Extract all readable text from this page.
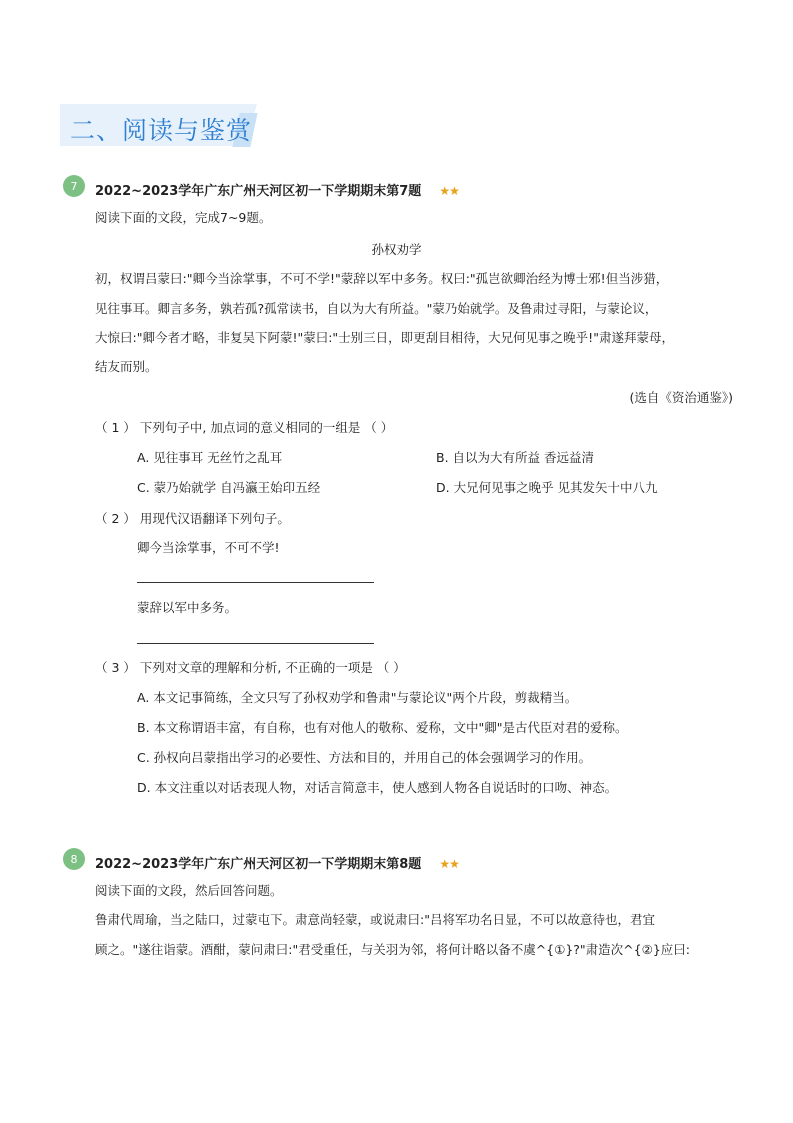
二、阅读与鉴赏
7	2022~2023学年广东广州天河区初一下学期期末第7题 ★★
阅读下面的文段，完成7~9题。
孙权劝学
初，权谓吕蒙曰:"卿今当涂掌事，不可不学!"蒙辞以军中多务。权曰:"孤岂欲卿治经为博士邪!但当涉猎，
见往事耳。卿言多务，孰若孤?孤常读书，自以为大有所益。"蒙乃始就学。及鲁肃过寻阳，与蒙论议，
大惊曰:"卿今者才略，非复吴下阿蒙!"蒙曰:"士别三日，即更刮目相待，大兄何见事之晚乎!"肃遂拜蒙母，
结友而别。
(选自《资治通鉴》)
（ 1 ） 下列句子中, 加点词的意义相同的一组是 （ ）
A. 见往事耳 无丝竹之乱耳	B. 自以为大有所益 香远益清
C. 蒙乃始就学 自冯瀛王始印五经	D. 大兄何见事之晚乎 见其发矢十中八九
（ 2 ） 用现代汉语翻译下列句子。
卿今当涂掌事，不可不学!
蒙辞以军中多务。
（ 3 ） 下列对文章的理解和分析, 不正确的一项是 （ ）
A. 本文记事简练，全文只写了孙权劝学和鲁肃"与蒙论议"两个片段，剪裁精当。
B. 本文称谓语丰富，有自称，也有对他人的敬称、爱称，文中"卿"是古代臣对君的爱称。
C. 孙权向吕蒙指出学习的必要性、方法和目的，并用自己的体会强调学习的作用。
D. 本文注重以对话表现人物，对话言简意丰，使人感到人物各自说话时的口吻、神态。
8	2022~2023学年广东广州天河区初一下学期期末第8题 ★★
阅读下面的文段，然后回答问题。
鲁肃代周瑜，当之陆口，过蒙屯下。肃意尚轻蒙，或说肃曰:"吕将军功名日显，不可以故意待也，君宜
顾之。"遂往诣蒙。酒酣，蒙问肃曰:"君受重任，与关羽为邻，将何计略以备不虞^{①}?"肃造次^{②}应曰:
